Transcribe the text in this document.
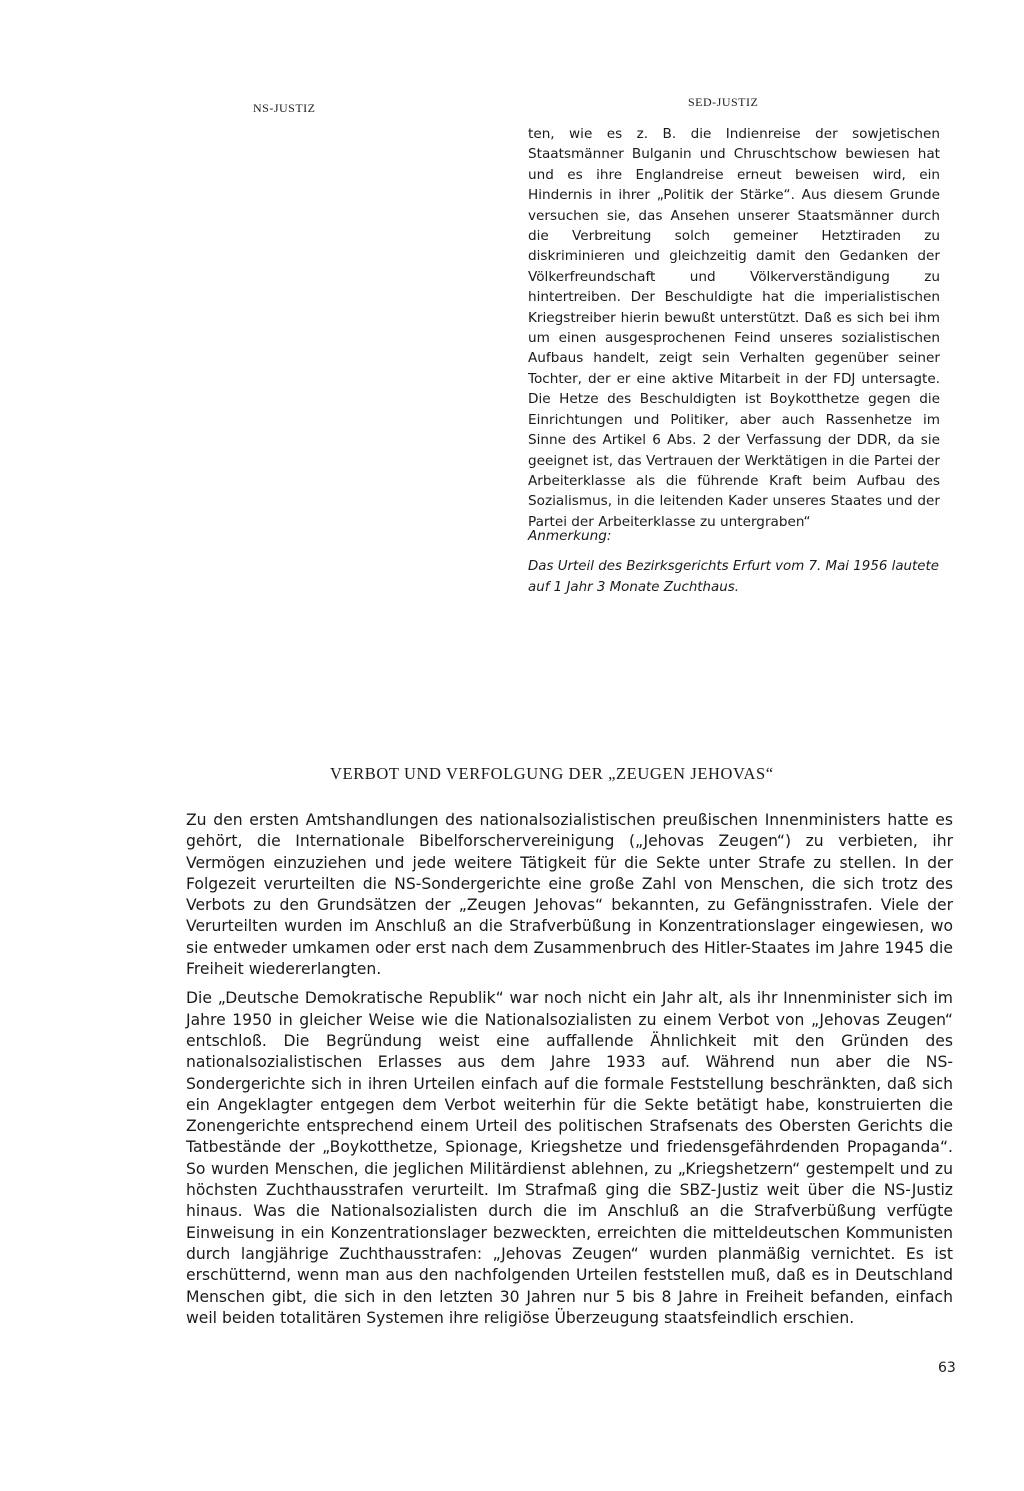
NS-JUSTIZ	SED-JUSTIZ

ten, wie es z. B. die Indienreise der sowjetischen Staatsmänner Bulganin und Chruschtschow bewiesen hat und es ihre Englandreise erneut beweisen wird, ein Hindernis in ihrer „Politik der Stärke“. Aus diesem Grunde versuchen sie, das Ansehen unserer Staatsmänner durch die Verbreitung solch gemeiner Hetztiraden zu diskriminieren und gleichzeitig damit den Gedanken der Völkerfreundschaft und Völkerverständigung zu hintertreiben. Der Beschuldigte hat die imperialistischen Kriegstreiber hierin bewußt unterstützt. Daß es sich bei ihm um einen ausgesprochenen Feind unseres sozialistischen Aufbaus handelt, zeigt sein Verhalten gegenüber seiner Tochter, der er eine aktive Mitarbeit in der FDJ untersagte. Die Hetze des Beschuldigten ist Boykotthetze gegen die Einrichtungen und Politiker, aber auch Rassenhetze im Sinne des Artikel 6 Abs. 2 der Verfassung der DDR, da sie geeignet ist, das Vertrauen der Werktätigen in die Partei der Arbeiterklasse als die führende Kraft beim Aufbau des Sozialismus, in die leitenden Kader unseres Staates und der Partei der Arbeiterklasse zu untergraben“

Anmerkung:

Das Urteil des Bezirksgerichts Erfurt vom 7. Mai 1956 lautete auf 1 Jahr 3 Monate Zuchthaus.

VERBOT UND VERFOLGUNG DER „ZEUGEN JEHOVAS“

Zu den ersten Amtshandlungen des nationalsozialistischen preußischen Innenministers hatte es gehört, die Internationale Bibelforschervereinigung („Jehovas Zeugen“) zu verbieten, ihr Vermögen einzuziehen und jede weitere Tätigkeit für die Sekte unter Strafe zu stellen. In der Folgezeit verurteilten die NS-Sondergerichte eine große Zahl von Menschen, die sich trotz des Verbots zu den Grundsätzen der „Zeugen Jehovas“ bekannten, zu Gefängnisstrafen. Viele der Verurteilten wurden im Anschluß an die Strafverbüßung in Konzentrationslager eingewiesen, wo sie entweder umkamen oder erst nach dem Zusammenbruch des Hitler-Staates im Jahre 1945 die Freiheit wiedererlangten.

Die „Deutsche Demokratische Republik“ war noch nicht ein Jahr alt, als ihr Innenminister sich im Jahre 1950 in gleicher Weise wie die Nationalsozialisten zu einem Verbot von „Jehovas Zeugen“ entschloß. Die Begründung weist eine auffallende Ähnlichkeit mit den Gründen des nationalsozialistischen Erlasses aus dem Jahre 1933 auf. Während nun aber die NS-Sondergerichte sich in ihren Urteilen einfach auf die formale Feststellung beschränkten, daß sich ein Angeklagter entgegen dem Verbot weiterhin für die Sekte betätigt habe, konstruierten die Zonengerichte entsprechend einem Urteil des politischen Strafsenats des Obersten Gerichts die Tatbestände der „Boykotthetze, Spionage, Kriegshetze und friedensgefährdenden Propaganda“. So wurden Menschen, die jeglichen Militärdienst ablehnen, zu „Kriegshetzern“ gestempelt und zu höchsten Zuchthausstrafen verurteilt. Im Strafmaß ging die SBZ-Justiz weit über die NS-Justiz hinaus. Was die Nationalsozialisten durch die im Anschluß an die Strafverbüßung verfügte Einweisung in ein Konzentrationslager bezweckten, erreichten die mitteldeutschen Kommunisten durch langjährige Zuchthausstrafen: „Jehovas Zeugen“ wurden planmäßig vernichtet. Es ist erschütternd, wenn man aus den nachfolgenden Urteilen feststellen muß, daß es in Deutschland Menschen gibt, die sich in den letzten 30 Jahren nur 5 bis 8 Jahre in Freiheit befanden, einfach weil beiden totalitären Systemen ihre religiöse Überzeugung staatsfeindlich erschien.

63
